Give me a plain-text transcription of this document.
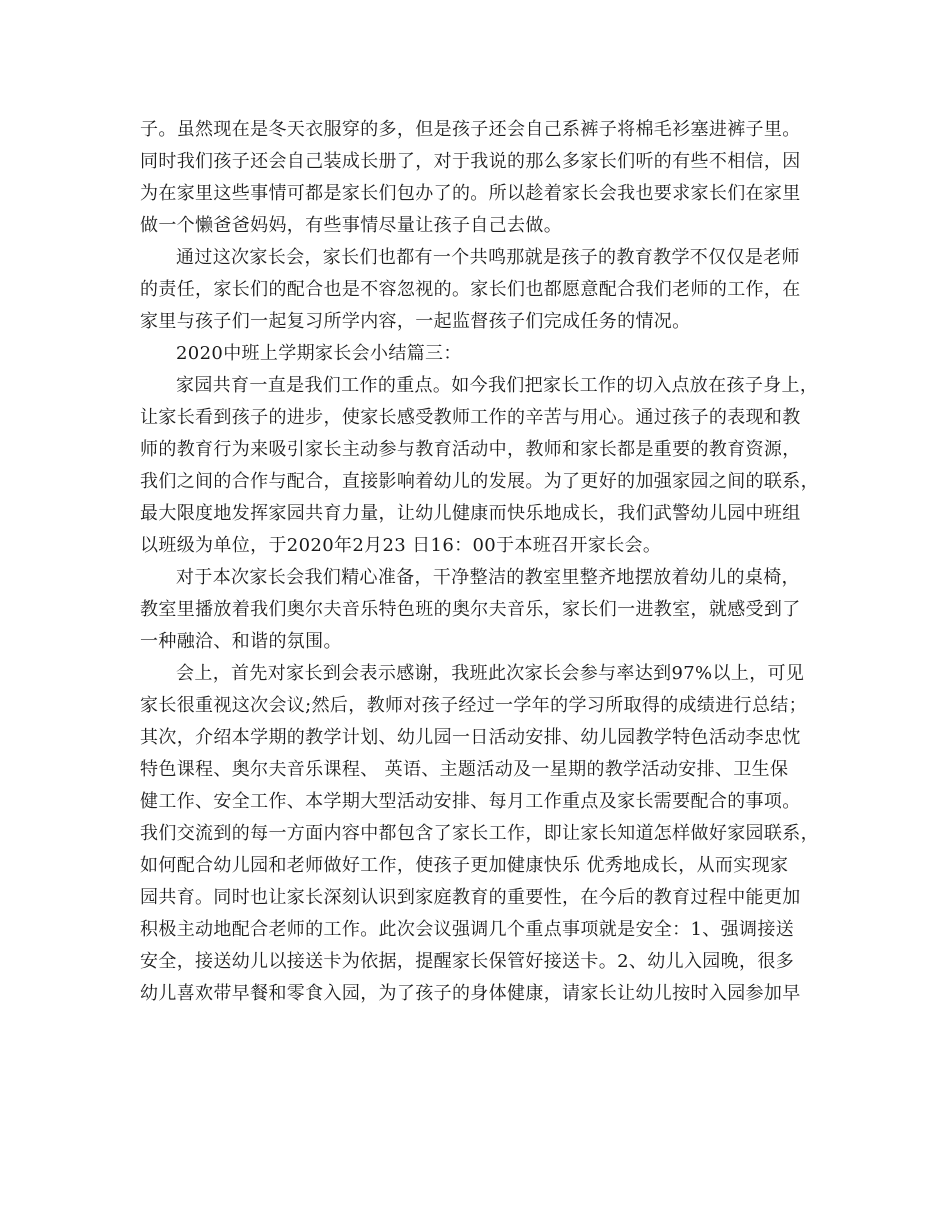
子。虽然现在是冬天衣服穿的多，但是孩子还会自己系裤子将棉毛衫塞进裤子里。
同时我们孩子还会自己装成长册了，对于我说的那么多家长们听的有些不相信，因
为在家里这些事情可都是家长们包办了的。所以趁着家长会我也要求家长们在家里
做一个懒爸爸妈妈，有些事情尽量让孩子自己去做。
通过这次家长会，家长们也都有一个共鸣那就是孩子的教育教学不仅仅是老师
的责任，家长们的配合也是不容忽视的。家长们也都愿意配合我们老师的工作，在
家里与孩子们一起复习所学内容，一起监督孩子们完成任务的情况。
2020中班上学期家长会小结篇三：
家园共育一直是我们工作的重点。如今我们把家长工作的切入点放在孩子身上，
让家长看到孩子的进步，使家长感受教师工作的辛苦与用心。通过孩子的表现和教
师的教育行为来吸引家长主动参与教育活动中，教师和家长都是重要的教育资源，
我们之间的合作与配合，直接影响着幼儿的发展。为了更好的加强家园之间的联系，
最大限度地发挥家园共育力量，让幼儿健康而快乐地成长，我们武警幼儿园中班组
以班级为单位，于2020年2月23 日16：00于本班召开家长会。
对于本次家长会我们精心准备，干净整洁的教室里整齐地摆放着幼儿的桌椅，
教室里播放着我们奥尔夫音乐特色班的奥尔夫音乐，家长们一进教室，就感受到了
一种融洽、和谐的氛围。
会上，首先对家长到会表示感谢，我班此次家长会参与率达到97%以上，可见
家长很重视这次会议;然后，教师对孩子经过一学年的学习所取得的成绩进行总结；
其次，介绍本学期的教学计划、幼儿园一日活动安排、幼儿园教学特色活动李忠忱
特色课程、奥尔夫音乐课程、 英语、主题活动及一星期的教学活动安排、卫生保
健工作、安全工作、本学期大型活动安排、每月工作重点及家长需要配合的事项。
我们交流到的每一方面内容中都包含了家长工作，即让家长知道怎样做好家园联系，
如何配合幼儿园和老师做好工作，使孩子更加健康快乐 优秀地成长，从而实现家
园共育。同时也让家长深刻认识到家庭教育的重要性，在今后的教育过程中能更加
积极主动地配合老师的工作。此次会议强调几个重点事项就是安全：1、强调接送
安全，接送幼儿以接送卡为依据，提醒家长保管好接送卡。2、幼儿入园晚，很多
幼儿喜欢带早餐和零食入园，为了孩子的身体健康，请家长让幼儿按时入园参加早
